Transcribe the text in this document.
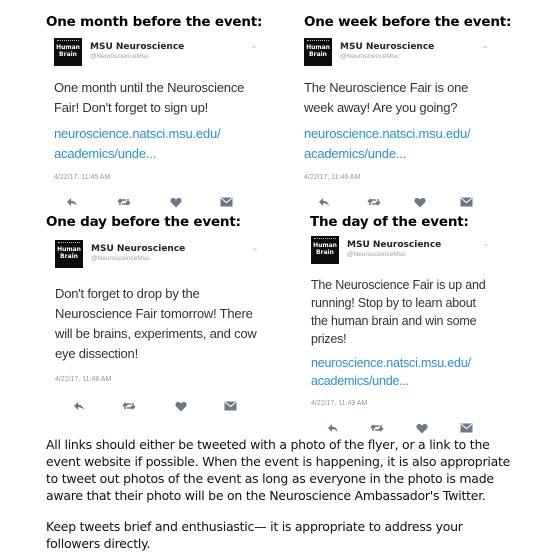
One month before the event:	One week before the event:
One day before the event:	The day of the event:
Human Brain
MSU Neuroscience
@NeuroscienceMsu
⌄
One month until the Neuroscience Fair! Don't forget to sign up!
neuroscience.natsci.msu.edu/ academics/unde...
4/22/17, 11:45 AM
Human Brain
MSU Neuroscience
@NeuroscienceMsu
⌄
The Neuroscience Fair is one week away! Are you going?
neuroscience.natsci.msu.edu/ academics/unde...
4/22/17, 11:46 AM
Human Brain
MSU Neuroscience
@NeuroscienceMsu
⌄
Don't forget to drop by the Neuroscience Fair tomorrow! There will be brains, experiments, and cow eye dissection!
4/22/17, 11:48 AM
Human Brain
MSU Neuroscience
@NeuroscienceMsu
⌄
The Neuroscience Fair is up and running! Stop by to learn about the human brain and win some prizes!
neuroscience.natsci.msu.edu/ academics/unde...
4/22/17, 11:49 AM
All links should either be tweeted with a photo of the flyer, or a link to the event website if possible. When the event is happening, it is also appropriate to tweet out photos of the event as long as everyone in the photo is made aware that their photo will be on the Neuroscience Ambassador's Twitter.
Keep tweets brief and enthusiastic— it is appropriate to address your followers directly.
